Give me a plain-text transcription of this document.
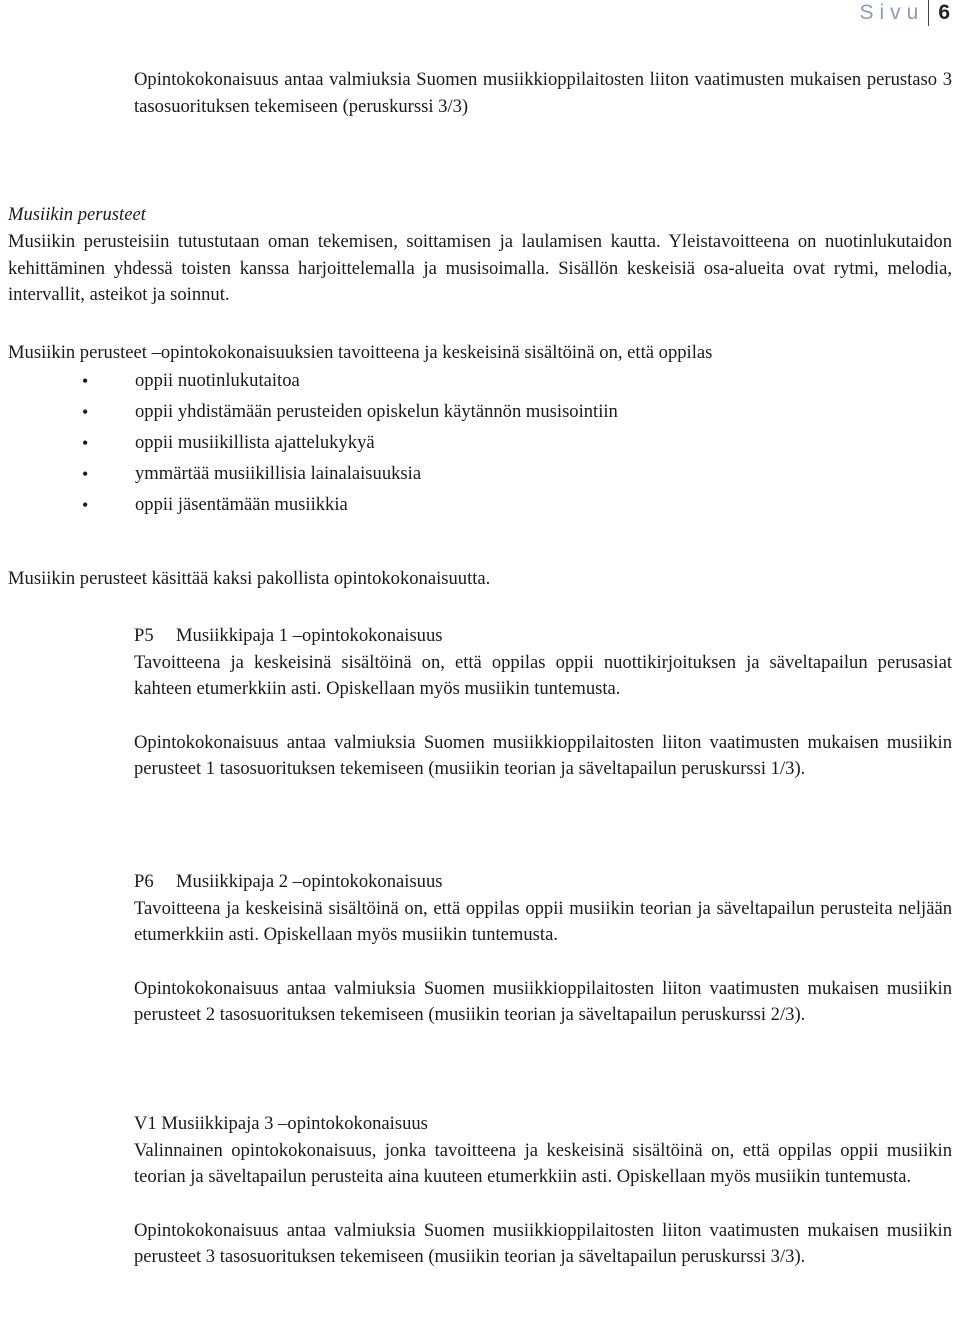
Sivu 6

Opintokokonaisuus antaa valmiuksia Suomen musiikkioppilaitosten liiton vaatimusten mukaisen perustaso 3 tasosuorituksen tekemiseen (peruskurssi 3/3)

Musiikin perusteet

Musiikin perusteisiin tutustutaan oman tekemisen, soittamisen ja laulamisen kautta. Yleistavoitteena on nuotinlukutaidon kehittäminen yhdessä toisten kanssa harjoittelemalla ja musisoimalla. Sisällön keskeisiä osa-alueita ovat rytmi, melodia, intervallit, asteikot ja soinnut.

Musiikin perusteet –opintokokonaisuuksien tavoitteena ja keskeisinä sisältöinä on, että oppilas

• oppii nuotinlukutaitoa
• oppii yhdistämään perusteiden opiskelun käytännön musisointiin
• oppii musiikillista ajattelukykyä
• ymmärtää musiikillisia lainalaisuuksia
• oppii jäsentämään musiikkia

Musiikin perusteet käsittää kaksi pakollista opintokokonaisuutta.

P5 Musiikkipaja 1 –opintokokonaisuus

Tavoitteena ja keskeisinä sisältöinä on, että oppilas oppii nuottikirjoituksen ja säveltapailun perusasiat kahteen etumerkkiin asti. Opiskellaan myös musiikin tuntemusta.

Opintokokonaisuus antaa valmiuksia Suomen musiikkioppilaitosten liiton vaatimusten mukaisen musiikin perusteet 1 tasosuorituksen tekemiseen (musiikin teorian ja säveltapailun peruskurssi 1/3).

P6 Musiikkipaja 2 –opintokokonaisuus

Tavoitteena ja keskeisinä sisältöinä on, että oppilas oppii musiikin teorian ja säveltapailun perusteita neljään etumerkkiin asti. Opiskellaan myös musiikin tuntemusta.

Opintokokonaisuus antaa valmiuksia Suomen musiikkioppilaitosten liiton vaatimusten mukaisen musiikin perusteet 2 tasosuorituksen tekemiseen (musiikin teorian ja säveltapailun peruskurssi 2/3).

V1 Musiikkipaja 3 –opintokokonaisuus

Valinnainen opintokokonaisuus, jonka tavoitteena ja keskeisinä sisältöinä on, että oppilas oppii musiikin teorian ja säveltapailun perusteita aina kuuteen etumerkkiin asti. Opiskellaan myös musiikin tuntemusta.

Opintokokonaisuus antaa valmiuksia Suomen musiikkioppilaitosten liiton vaatimusten mukaisen musiikin perusteet 3 tasosuorituksen tekemiseen (musiikin teorian ja säveltapailun peruskurssi 3/3).
